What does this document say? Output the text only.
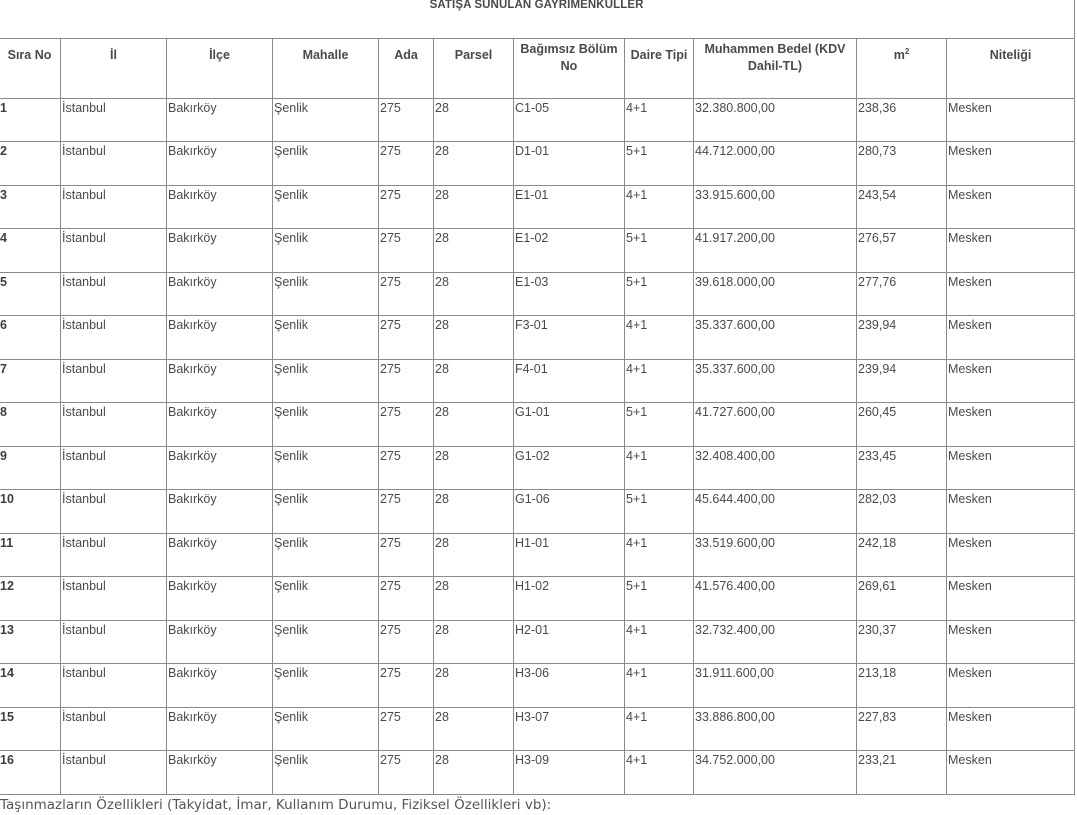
SATIŞA SUNULAN GAYRİMENKULLER										
Sıra No	İl	İlçe	Mahalle	Ada	Parsel	Bağımsız Bölüm No	Daire Tipi	Muhammen Bedel (KDV Dahil-TL)	$m^2$	Niteliği
1	İstanbul	Bakırköy	Şenlik	275	28	C1-05	4+1	32.380.800,00	238,36	Mesken
2	İstanbul	Bakırköy	Şenlik	275	28	D1-01	5+1	44.712.000,00	280,73	Mesken
3	İstanbul	Bakırköy	Şenlik	275	28	E1-01	4+1	33.915.600,00	243,54	Mesken
4	İstanbul	Bakırköy	Şenlik	275	28	E1-02	5+1	41.917.200,00	276,57	Mesken
5	İstanbul	Bakırköy	Şenlik	275	28	E1-03	5+1	39.618.000,00	277,76	Mesken
6	İstanbul	Bakırköy	Şenlik	275	28	F3-01	4+1	35.337.600,00	239,94	Mesken
7	İstanbul	Bakırköy	Şenlik	275	28	F4-01	4+1	35.337.600,00	239,94	Mesken
8	İstanbul	Bakırköy	Şenlik	275	28	G1-01	5+1	41.727.600,00	260,45	Mesken
9	İstanbul	Bakırköy	Şenlik	275	28	G1-02	4+1	32.408.400,00	233,45	Mesken
10	İstanbul	Bakırköy	Şenlik	275	28	G1-06	5+1	45.644.400,00	282,03	Mesken
11	İstanbul	Bakırköy	Şenlik	275	28	H1-01	4+1	33.519.600,00	242,18	Mesken
12	İstanbul	Bakırköy	Şenlik	275	28	H1-02	5+1	41.576.400,00	269,61	Mesken
13	İstanbul	Bakırköy	Şenlik	275	28	H2-01	4+1	32.732.400,00	230,37	Mesken
14	İstanbul	Bakırköy	Şenlik	275	28	H3-06	4+1	31.911.600,00	213,18	Mesken
15	İstanbul	Bakırköy	Şenlik	275	28	H3-07	4+1	33.886.800,00	227,83	Mesken
16	İstanbul	Bakırköy	Şenlik	275	28	H3-09	4+1	34.752.000,00	233,21	Mesken
Taşınmazların Özellikleri (Takyidat, İmar, Kullanım Durumu, Fiziksel Özellikleri vb):
